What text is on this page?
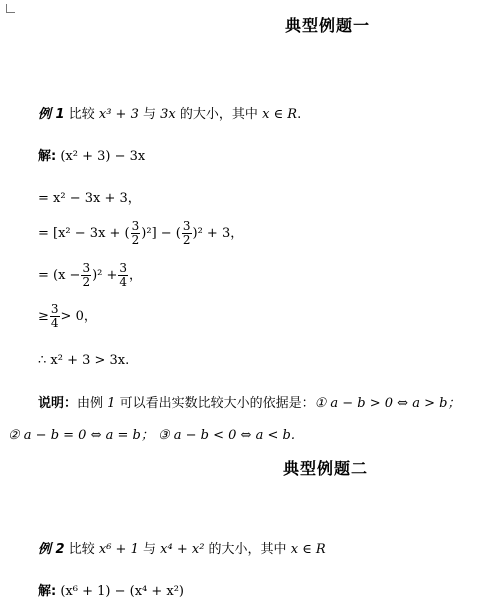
典型例题一
例 1 比较 x³ + 3 与 3x 的大小，其中 x ∈ R.
解: (x² + 3) − 3x
= x² − 3x + 3，
= [x² − 3x + ( $\frac{3}{2} )^2$] − ( $\frac{3}{2} )^2 + 3$，
= $(x - \frac{3}{2} )^2 + \frac{3}{4}$ ，
≥ $\frac{3}{4} > 0$，
∴ x² + 3 > 3x.
说明：由例 1 可以看出实数比较大小的依据是：① a − b > 0 ⇔ a > b；
② a − b = 0 ⇔ a = b； ③ a − b < 0 ⇔ a < b.
典型例题二
例 2 比较 x⁶ + 1 与 x⁴ + x² 的大小，其中 x ∈ R
解: (x⁶ + 1) − (x⁴ + x²)
